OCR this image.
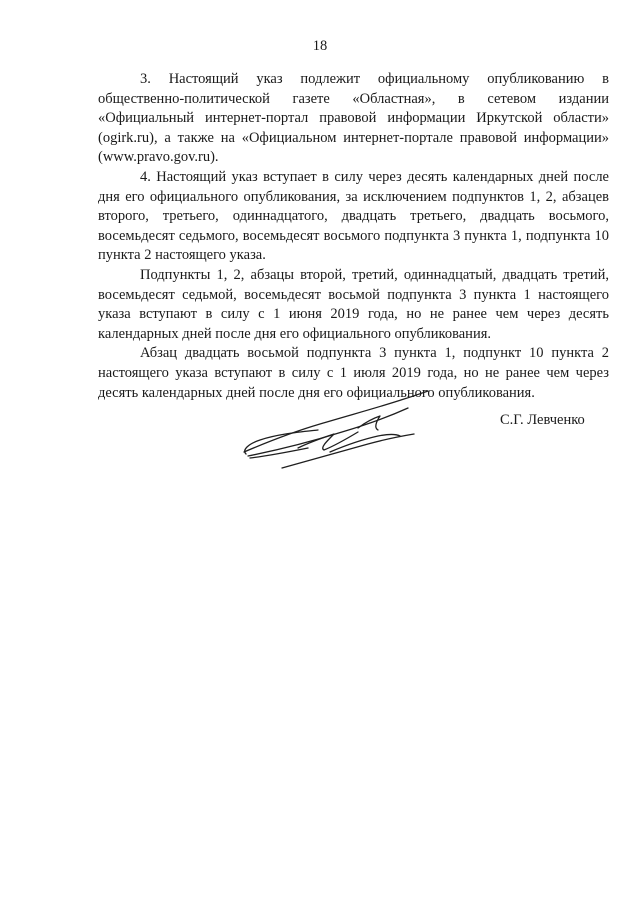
18

3. Настоящий указ подлежит официальному опубликованию в общественно-политической газете «Областная», в сетевом издании «Официальный интернет-портал правовой информации Иркутской области» (ogirk.ru), а также на «Официальном интернет-портале правовой информации» (www.pravo.gov.ru).

4. Настоящий указ вступает в силу через десять календарных дней после дня его официального опубликования, за исключением подпунктов 1, 2, абзацев второго, третьего, одиннадцатого, двадцать третьего, двадцать восьмого, восемьдесят седьмого, восемьдесят восьмого подпункта 3 пункта 1, подпункта 10 пункта 2 настоящего указа.

Подпункты 1, 2, абзацы второй, третий, одиннадцатый, двадцать третий, восемьдесят седьмой, восемьдесят восьмой подпункта 3 пункта 1 настоящего указа вступают в силу с 1 июня 2019 года, но не ранее чем через десять календарных дней после дня его официального опубликования.

Абзац двадцать восьмой подпункта 3 пункта 1, подпункт 10 пункта 2 настоящего указа вступают в силу с 1 июля 2019 года, но не ранее чем через десять календарных дней после дня его официального опубликования.

С.Г. Левченко
